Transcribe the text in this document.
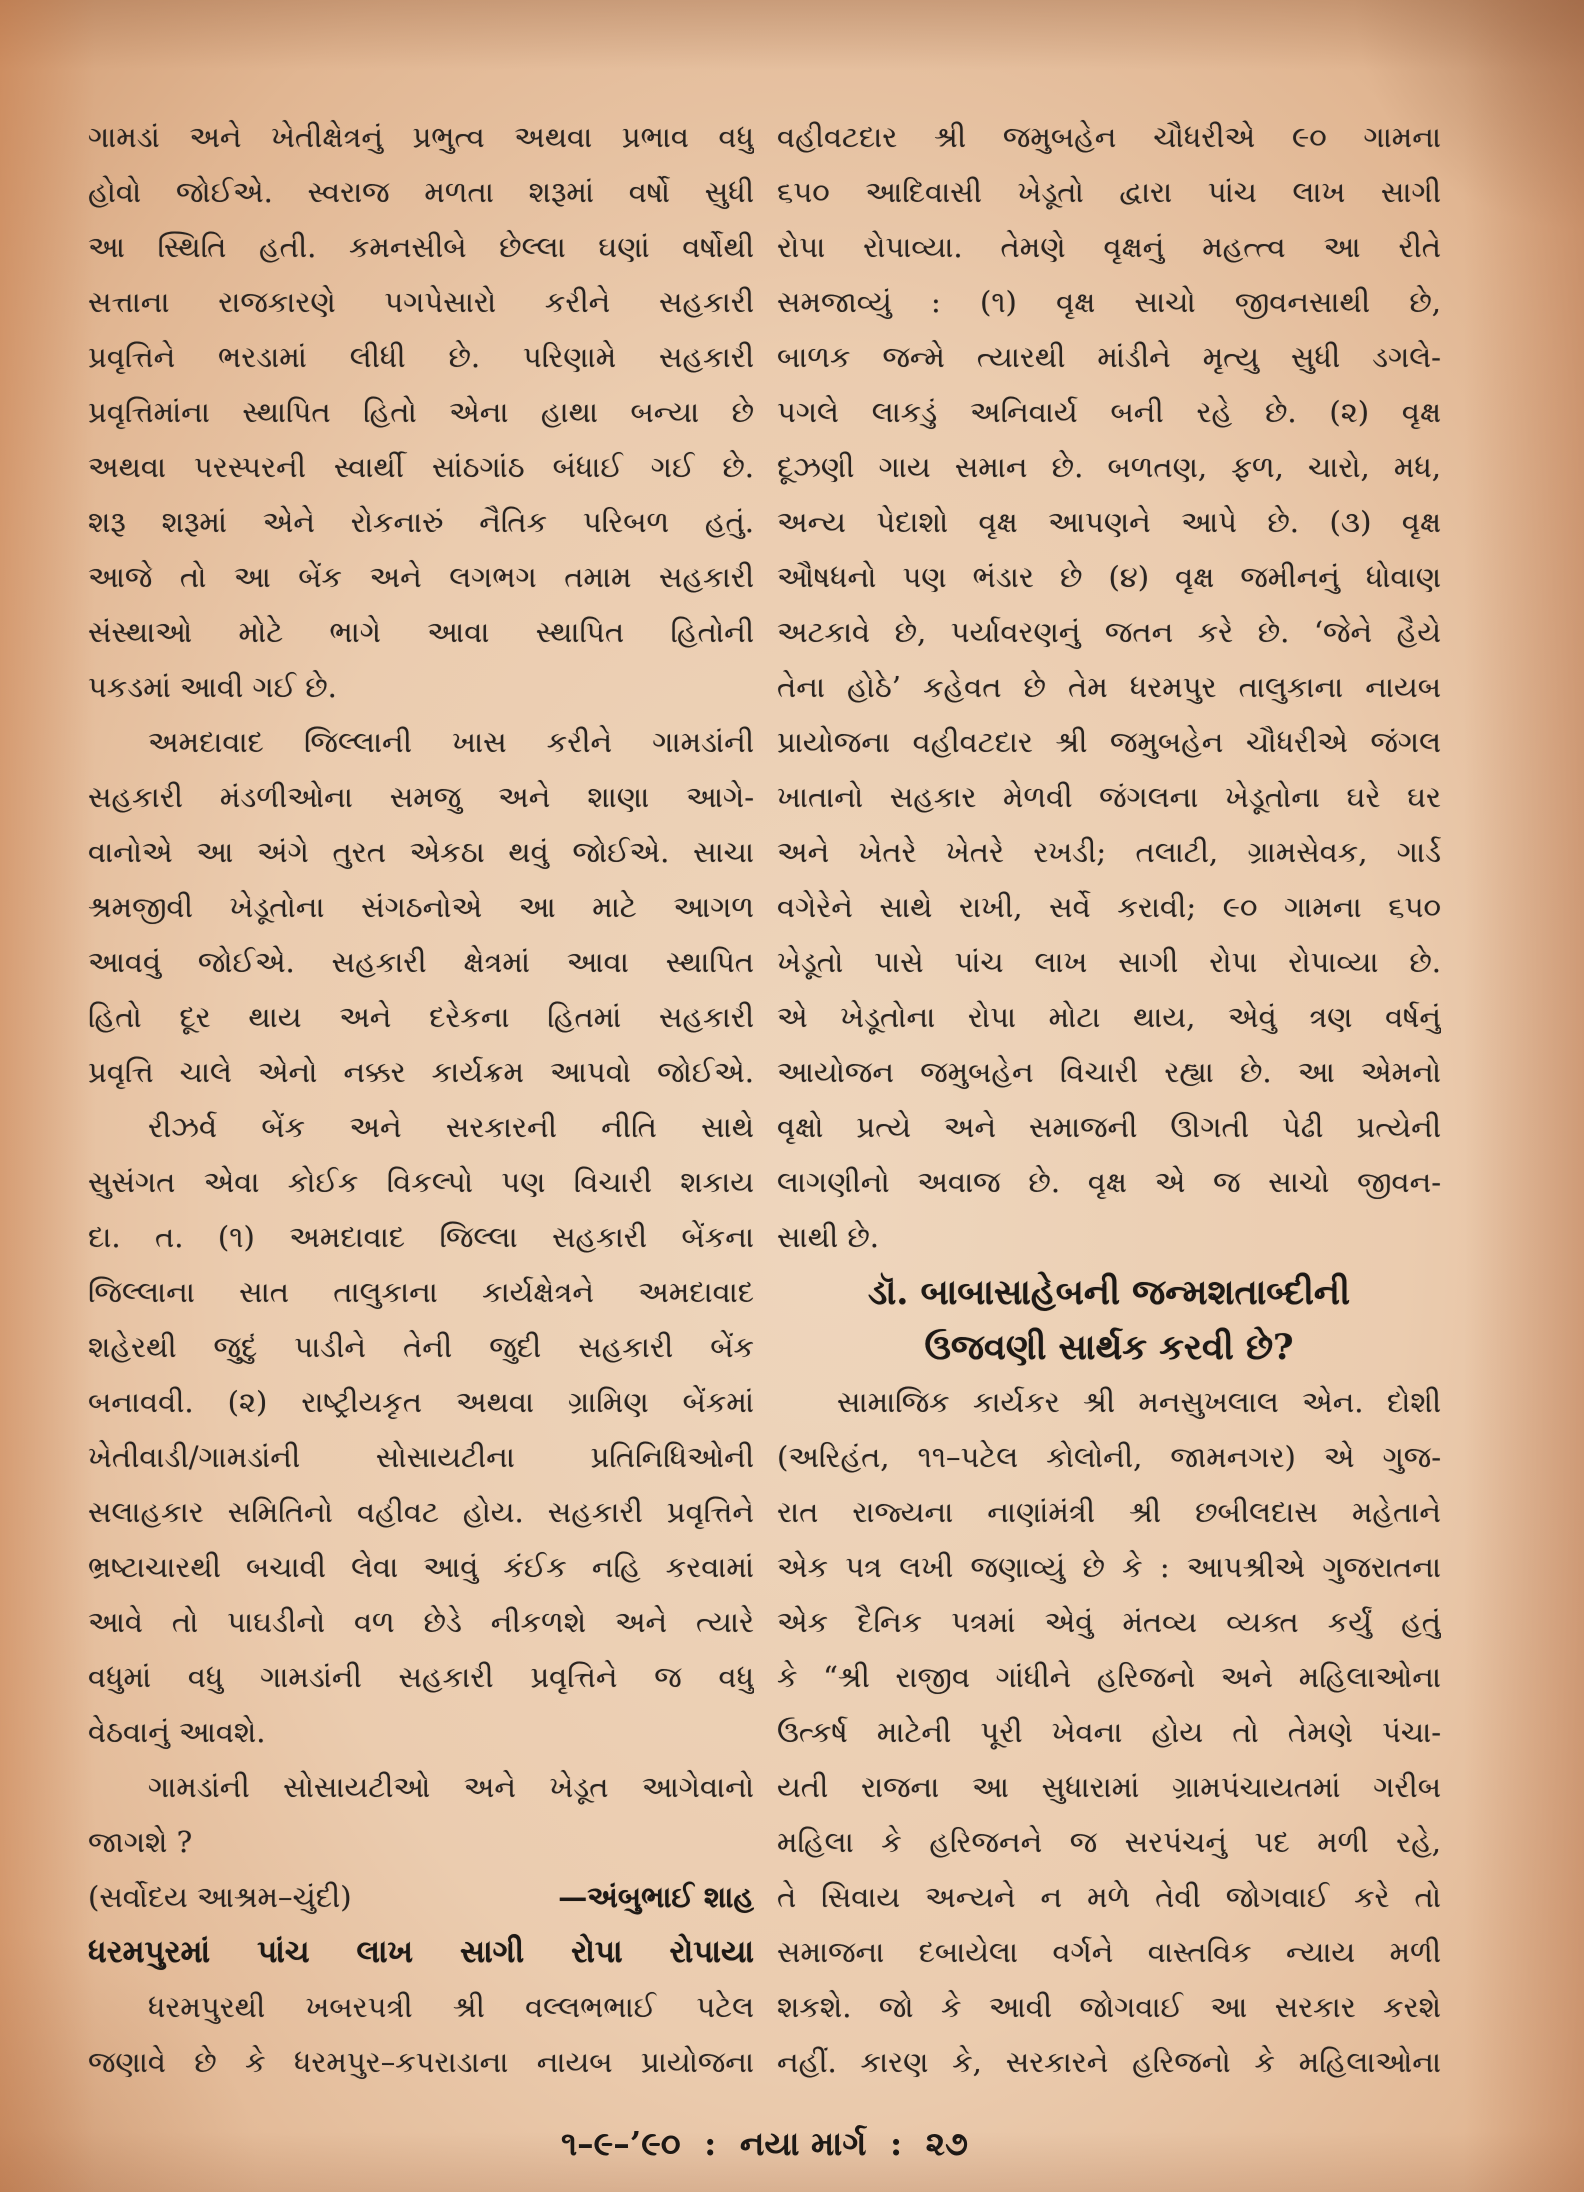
ગામડાં અને ખેતીક્ષેત્રનું પ્રભુત્વ અથવા પ્રભાવ વધુ
હોવો જોઈએ. સ્વરાજ મળતા શરૂમાં વર્ષો સુધી
આ સ્થિતિ હતી. કમનસીબે છેલ્લા ઘણાં વર્ષોથી
સત્તાના રાજકારણે પગપેસારો કરીને સહકારી
પ્રવૃત્તિને ભરડામાં લીધી છે. પરિણામે સહકારી
પ્રવૃત્તિમાંના સ્થાપિત હિતો એના હાથા બન્યા છે
અથવા પરસ્પરની સ્વાર્થી સાંઠગાંઠ બંધાઈ ગઈ છે.
શરૂ શરૂમાં એને રોકનારું નૈતિક પરિબળ હતું.
આજે તો આ બેંક અને લગભગ તમામ સહકારી
સંસ્થાઓ મોટે ભાગે આવા સ્થાપિત હિતોની
પકડમાં આવી ગઈ છે.
અમદાવાદ જિલ્લાની ખાસ કરીને ગામડાંની
સહકારી મંડળીઓના સમજુ અને શાણા આગે-
વાનોએ આ અંગે તુરત એકઠા થવું જોઈએ. સાચા
શ્રમજીવી ખેડૂતોના સંગઠનોએ આ માટે આગળ
આવવું જોઈએ. સહકારી ક્ષેત્રમાં આવા સ્થાપિત
હિતો દૂર થાય અને દરેકના હિતમાં સહકારી
પ્રવૃત્તિ ચાલે એનો નક્કર કાર્યક્રમ આપવો જોઈએ.
રીઝર્વ બેંક અને સરકારની નીતિ સાથે
સુસંગત એવા કોઈક વિકલ્પો પણ વિચારી શકાય
દા. ત. (૧) અમદાવાદ જિલ્લા સહકારી બેંકના
જિલ્લાના સાત તાલુકાના કાર્યક્ષેત્રને અમદાવાદ
શહેરથી જુદું પાડીને તેની જુદી સહકારી બેંક
બનાવવી. (૨) રાષ્ટ્રીયકૃત અથવા ગ્રામિણ બેંકમાં
ખેતીવાડી/ગામડાંની સોસાયટીના પ્રતિનિધિઓની
સલાહકાર સમિતિનો વહીવટ હોય. સહકારી પ્રવૃત્તિને
ભ્રષ્ટાચારથી બચાવી લેવા આવું કંઈક નહિ કરવામાં
આવે તો પાઘડીનો વળ છેડે નીકળશે અને ત્યારે
વધુમાં વધુ ગામડાંની સહકારી પ્રવૃત્તિને જ વધુ
વેઠવાનું આવશે.
ગામડાંની સોસાયટીઓ અને ખેડૂત આગેવાનો
જાગશે ?
(સર્વોદય આશ્રમ–ચુંદી)	—અંબુભાઈ શાહ
ધરમપુરમાં પાંચ લાખ સાગી રોપા રોપાયા
ધરમપુરથી ખબરપત્રી શ્રી વલ્લભભાઈ પટેલ
જણાવે છે કે ધરમપુર–કપરાડાના નાયબ પ્રાયોજના
વહીવટદાર શ્રી જમુબહેન ચૌધરીએ ૯૦ ગામના
૬૫૦ આદિવાસી ખેડૂતો દ્વારા પાંચ લાખ સાગી
રોપા રોપાવ્યા. તેમણે વૃક્ષનું મહત્ત્વ આ રીતે
સમજાવ્યું : (૧) વૃક્ષ સાચો જીવનસાથી છે,
બાળક જન્મે ત્યારથી માંડીને મૃત્યુ સુધી ડગલે-
પગલે લાકડું અનિવાર્ય બની રહે છે. (૨) વૃક્ષ
દૂઝણી ગાય સમાન છે. બળતણ, ફળ, ચારો, મધ,
અન્ય પેદાશો વૃક્ષ આપણને આપે છે. (૩) વૃક્ષ
ઔષધનો પણ ભંડાર છે (૪) વૃક્ષ જમીનનું ધોવાણ
અટકાવે છે, પર્યાવરણનું જતન કરે છે. ‘જેને હૈયે
તેના હોઠે’ કહેવત છે તેમ ધરમપુર તાલુકાના નાયબ
પ્રાયોજના વહીવટદાર શ્રી જમુબહેન ચૌધરીએ જંગલ
ખાતાનો સહકાર મેળવી જંગલના ખેડૂતોના ઘરે ઘર
અને ખેતરે ખેતરે રખડી; તલાટી, ગ્રામસેવક, ગાર્ડ
વગેરેને સાથે રાખી, સર્વે કરાવી; ૯૦ ગામના ૬૫૦
ખેડૂતો પાસે પાંચ લાખ સાગી રોપા રોપાવ્યા છે.
એ ખેડૂતોના રોપા મોટા થાય, એવું ત્રણ વર્ષનું
આયોજન જમુબહેન વિચારી રહ્યા છે. આ એમનો
વૃક્ષો પ્રત્યે અને સમાજની ઊગતી પેઢી પ્રત્યેની
લાગણીનો અવાજ છે. વૃક્ષ એ જ સાચો જીવન-
સાથી છે.
ડૉ. બાબાસાહેબની જન્મશતાબ્દીની
ઉજવણી સાર્થક કરવી છે?
સામાજિક કાર્યકર શ્રી મનસુખલાલ એન. દોશી
(અરિહંત, ૧૧–પટેલ કોલોની, જામનગર) એ ગુજ-
રાત રાજ્યના નાણાંમંત્રી શ્રી છબીલદાસ મહેતાને
એક પત્ર લખી જણાવ્યું છે કે : આપશ્રીએ ગુજરાતના
એક દૈનિક પત્રમાં એવું મંતવ્ય વ્યક્ત કર્યું હતું
કે “શ્રી રાજીવ ગાંધીને હરિજનો અને મહિલાઓના
ઉત્કર્ષ માટેની પૂરી ખેવના હોય તો તેમણે પંચા-
યતી રાજના આ સુધારામાં ગ્રામપંચાયતમાં ગરીબ
મહિલા કે હરિજનને જ સરપંચનું પદ મળી રહે,
તે સિવાય અન્યને ન મળે તેવી જોગવાઈ કરે તો
સમાજના દબાયેલા વર્ગને વાસ્તવિક ન્યાય મળી
શકશે. જો કે આવી જોગવાઈ આ સરકાર કરશે
નહીં. કારણ કે, સરકારને હરિજનો કે મહિલાઓના
૧–૯–’૯૦ : નયા માર્ગ : ૨૭
